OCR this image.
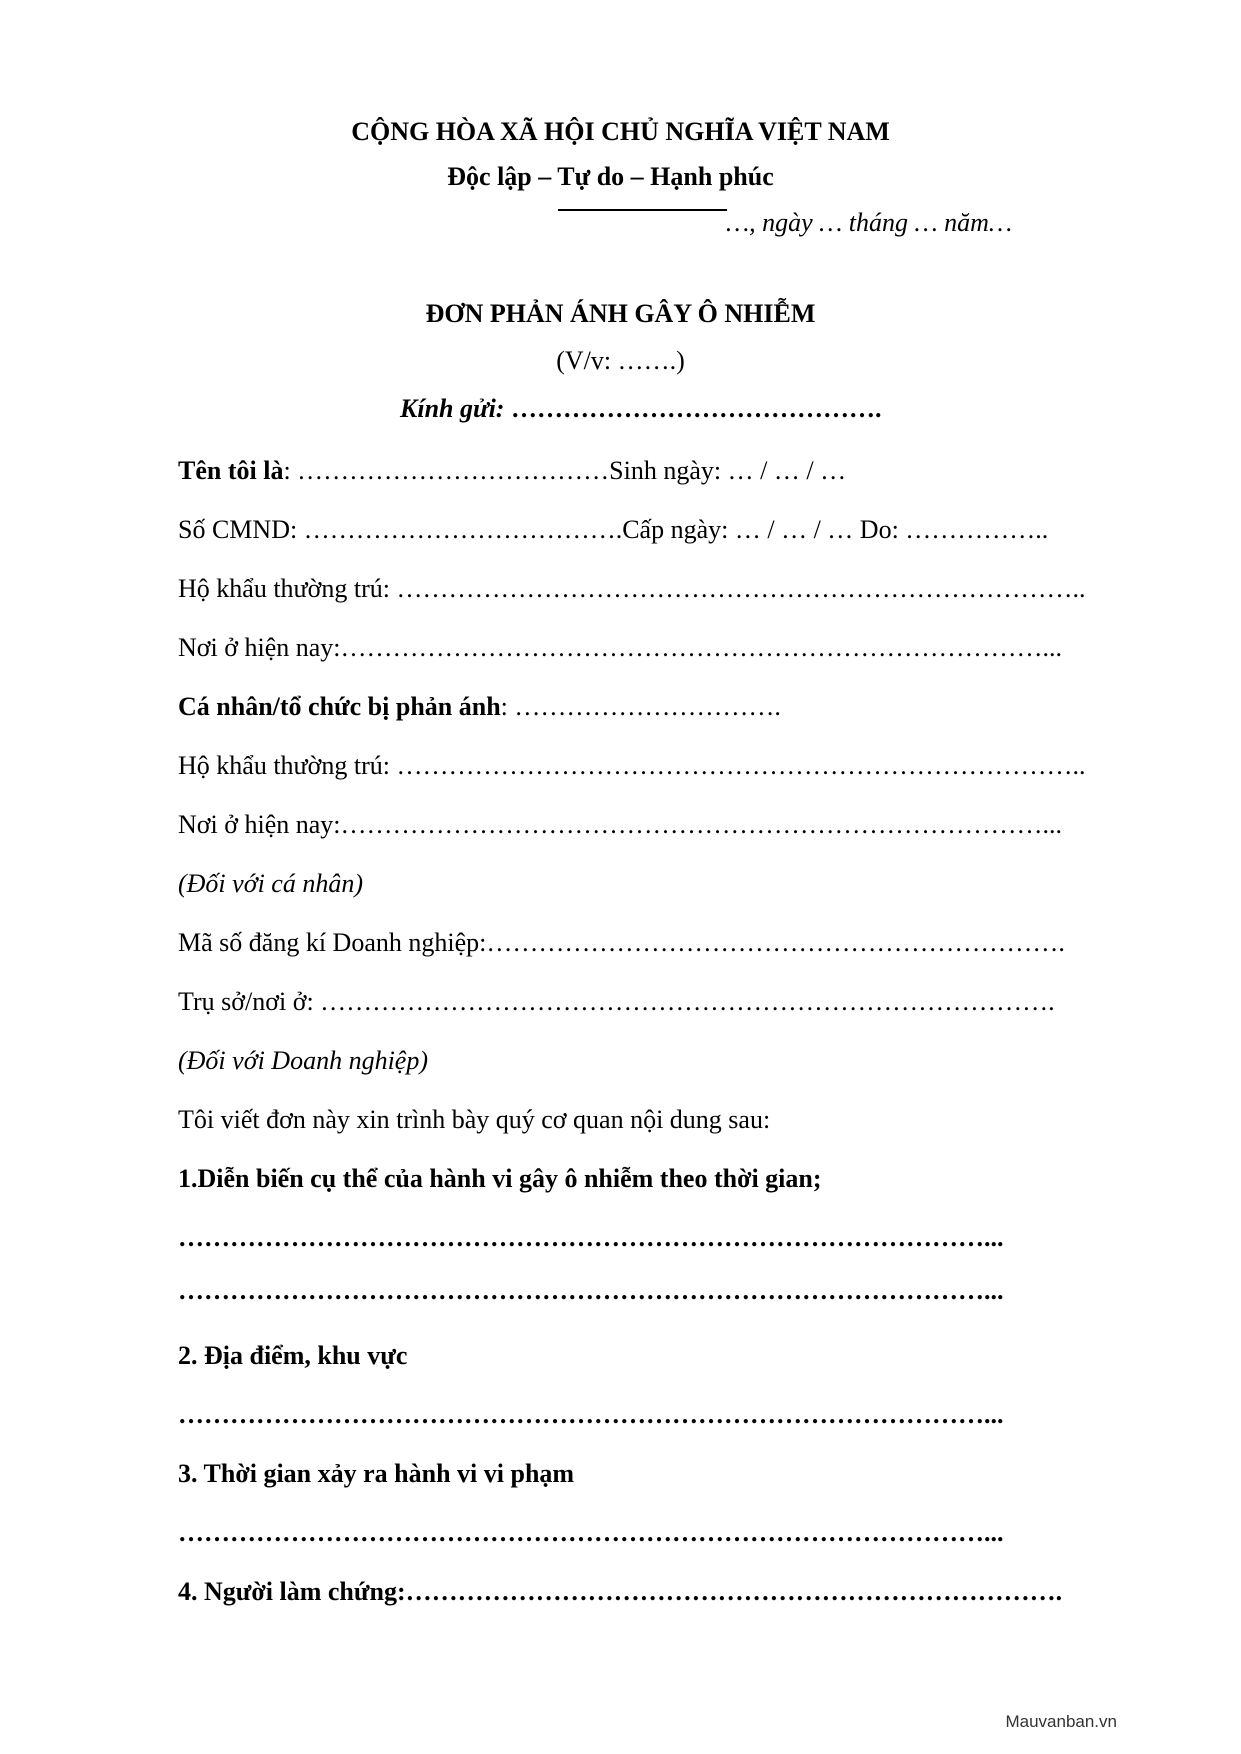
CỘNG HÒA XÃ HỘI CHỦ NGHĨA VIỆT NAM
Độc lập – Tự do – Hạnh phúc
…, ngày … tháng … năm…
ĐƠN PHẢN ÁNH GÂY Ô NHIỄM
(V/v: …….)
Kính gửi: …………………………………….
Tên tôi là: ………………………………Sinh ngày: … / … / …
Số CMND: ……………………………….Cấp ngày: … / … / … Do: ……………..
Hộ khẩu thường trú: ……………………………………………………………………..
Nơi ở hiện nay:………………………………………………………………………...
Cá nhân/tổ chức bị phản ánh: ………………………….
Hộ khẩu thường trú: ……………………………………………………………………..
Nơi ở hiện nay:………………………………………………………………………...
(Đối với cá nhân)
Mã số đăng kí Doanh nghiệp:………………………………………………………….
Trụ sở/nơi ở: ………………………………………………………………………….
(Đối với Doanh nghiệp)
Tôi viết đơn này xin trình bày quý cơ quan nội dung sau:
1.Diễn biến cụ thể của hành vi gây ô nhiễm theo thời gian;
…………………………………………………………………………………...
…………………………………………………………………………………...
2. Địa điểm, khu vực
…………………………………………………………………………………...
3. Thời gian xảy ra hành vi vi phạm
…………………………………………………………………………………...
4. Người làm chứng:………………………………………………………………….
Mauvanban.vn
